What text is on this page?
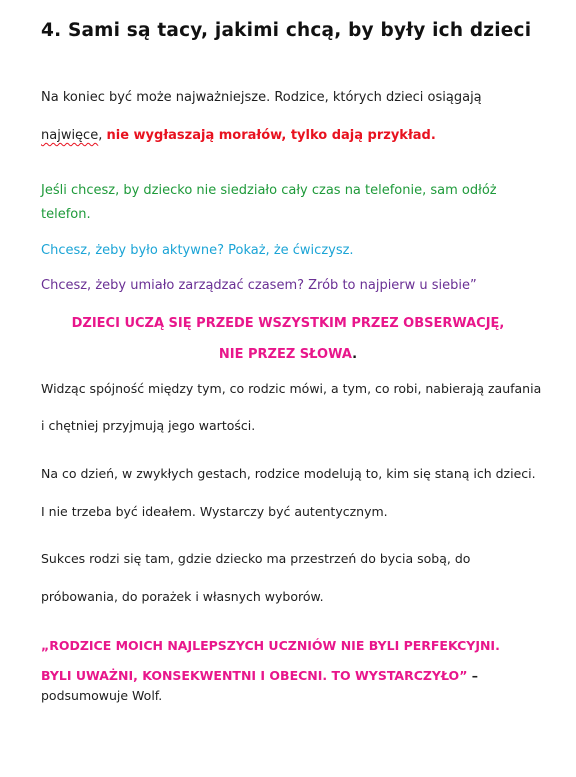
4. Sami są tacy, jakimi chcą, by były ich dzieci
Na koniec być może najważniejsze. Rodzice, których dzieci osiągają
najwięce, nie wygłaszają morałów, tylko dają przykład.
Jeśli chcesz, by dziecko nie siedziało cały czas na telefonie, sam odłóż
telefon.
Chcesz, żeby było aktywne? Pokaż, że ćwiczysz.
Chcesz, żeby umiało zarządzać czasem? Zrób to najpierw u siebie”
DZIECI UCZĄ SIĘ PRZEDE WSZYSTKIM PRZEZ OBSERWACJĘ,
NIE PRZEZ SŁOWA.
Widząc spójność między tym, co rodzic mówi, a tym, co robi, nabierają zaufania
i chętniej przyjmują jego wartości.
Na co dzień, w zwykłych gestach, rodzice modelują to, kim się staną ich dzieci.
I nie trzeba być ideałem. Wystarczy być autentycznym.
Sukces rodzi się tam, gdzie dziecko ma przestrzeń do bycia sobą, do
próbowania, do porażek i własnych wyborów.
„RODZICE MOICH NAJLEPSZYCH UCZNIÓW NIE BYLI PERFEKCYJNI.
BYLI UWAŻNI, KONSEKWENTNI I OBECNI. TO WYSTARCZYŁO” –
podsumowuje Wolf.
